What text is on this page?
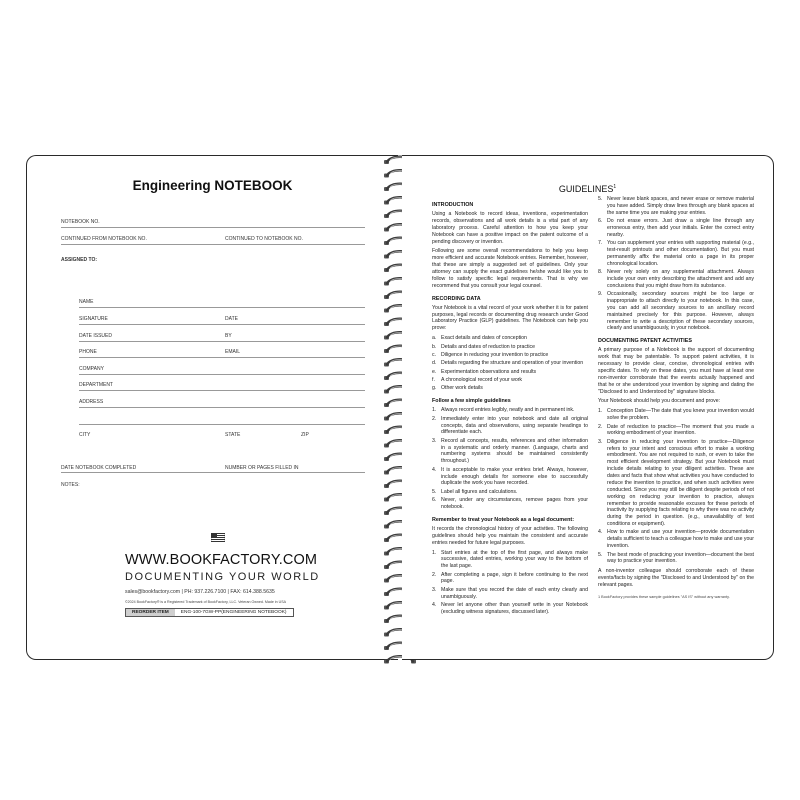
Engineering NOTEBOOK
NOTEBOOK NO.
CONTINUED FROM NOTEBOOK NO.	CONTINUED TO NOTEBOOK NO.
ASSIGNED TO:
NAME
SIGNATURE	DATE
DATE ISSUED	BY
PHONE	EMAIL
COMPANY
DEPARTMENT
ADDRESS
CITY	STATE	ZIP
DATE NOTEBOOK COMPLETED	NUMBER OR PAGES FILLED IN
NOTES:
WWW.BOOKFACTORY.COM
DOCUMENTING YOUR WORLD
sales@bookfactory.com | PH: 937.226.7100 | FAX: 614.388.5635
©2024 BookFactory® is a Registered Trademark of BookFactory, LLC. Veteran Owned. Made in USA
REORDER ITEM	ENG-100-7GW-PP(ENGINEERING NOTEBOOK)
GUIDELINES$^1$
INTRODUCTION

Using a Notebook to record ideas, inventions, experimentation records, observations and all work details is a vital part of any laboratory process. Careful attention to how you keep your Notebook can have a positive impact on the patent outcome of a pending discovery or invention.

Following are some overall recommendations to help you keep more efficient and accurate Notebook entries. Remember, however, that these are simply a suggested set of guidelines. Only your attorney can supply the exact guidelines he/she would like you to follow to satisfy specific legal requirements. That is why we recommend that you consult your legal counsel.

RECORDING DATA

Your Notebook is a vital record of your work whether it is for patent purposes, legal records or documenting drug research under Good Laboratory Practice (GLP) guidelines. The Notebook can help you prove:

a. Exact details and dates of conception
b. Details and dates of reduction to practice
c. Diligence in reducing your invention to practice
d. Details regarding the structure and operation of your invention
e. Experimentation observations and results
f.	A chronological record of your work
g. Other work details
Follow a few simple guidelines
1. Always record entries legibly, neatly and in permanent ink.
2. Immediately enter into your notebook and date all original concepts, data and observations, using separate headings to differentiate each.
3. Record all concepts, results, references and other information in a systematic and orderly manner. (Language, charts and numbering systems should be maintained consistently throughout.)
4. It is acceptable to make your entries brief. Always, however, include enough details for someone else to successfully duplicate the work you have recorded.
5. Label all figures and calculations.
6. Never, under any circumstances, remove pages from your notebook.
Remember to treat your Notebook as a legal document:

It records the chronological history of your activities. The following guidelines should help you maintain the consistent and accurate entries needed for future legal purposes.

1. Start entries at the top of the first page, and always make successive, dated entries, working your way to the bottom of the last page.
2. After completing a page, sign it before continuing to the next page.
3. Make sure that you record the date of each entry clearly and unambiguously.
4. Never let anyone other than yourself write in your Notebook (excluding witness signatures, discussed later).
5. Never leave blank spaces, and never erase or remove material you have added. Simply draw lines through any blank spaces at the same time you are making your entries.
6. Do not erase errors. Just draw a single line through any erroneous entry, then add your initials. Enter the correct entry nearby.
7. You can supplement your entries with supporting material (e.g., test-result printouts and other documentation). But you must permanently affix the material onto a page in its proper chronological location.
8. Never rely solely on any supplemental attachment. Always include your own entry describing the attachment and add any conclusions that you might draw from its substance.
9. Occasionally, secondary sources might be too large or inappropriate to attach directly to your notebook. In this case, you can add all secondary sources to an ancillary record maintained precisely for this purpose. However, always remember to write a description of these secondary sources, clearly and unambiguously, in your notebook.
DOCUMENTING PATENT ACTIVITIES

A primary purpose of a Notebook is the support of documenting work that may be patentable. To support patent activities, it is necessary to provide clear, concise, chronological entries with specific dates. To rely on these dates, you must have at least one non-inventor corroborate that the events actually happened and that he or she understood your invention by signing and dating the "Disclosed to and Understood by" signature blocks.

Your Notebook should help you document and prove:

1. Conception Date—The date that you knew your invention would solve the problem.
2. Date of reduction to practice—The moment that you made a working embodiment of your invention.
3. Diligence in reducing your invention to practice—Diligence refers to your intent and conscious effort to make a working embodiment. You are not required to rush, or even to take the most efficient development strategy. But your Notebook must include details relating to your diligent activities. These are dates and facts that show what activities you have conducted to reduce the invention to practice, and when such activities were conducted. Since you may still be diligent despite periods of not working on reducing your invention to practice, always remember to provide reasonable excuses for these periods of inactivity by supplying facts relating to why there was no activity during the period in question. (e.g., unavailability of test conditions or equipment).
4. How to make and use your invention—provide documentation details sufficient to teach a colleague how to make and use your invention.
5. The best mode of practicing your invention—document the best way to practice your invention.

A non-inventor colleague should corroborate each of these events/facts by signing the "Disclosed to and Understood by" on the relevant pages.

1 BookFactory provides these sample guidelines "AS IS" without any warranty.
